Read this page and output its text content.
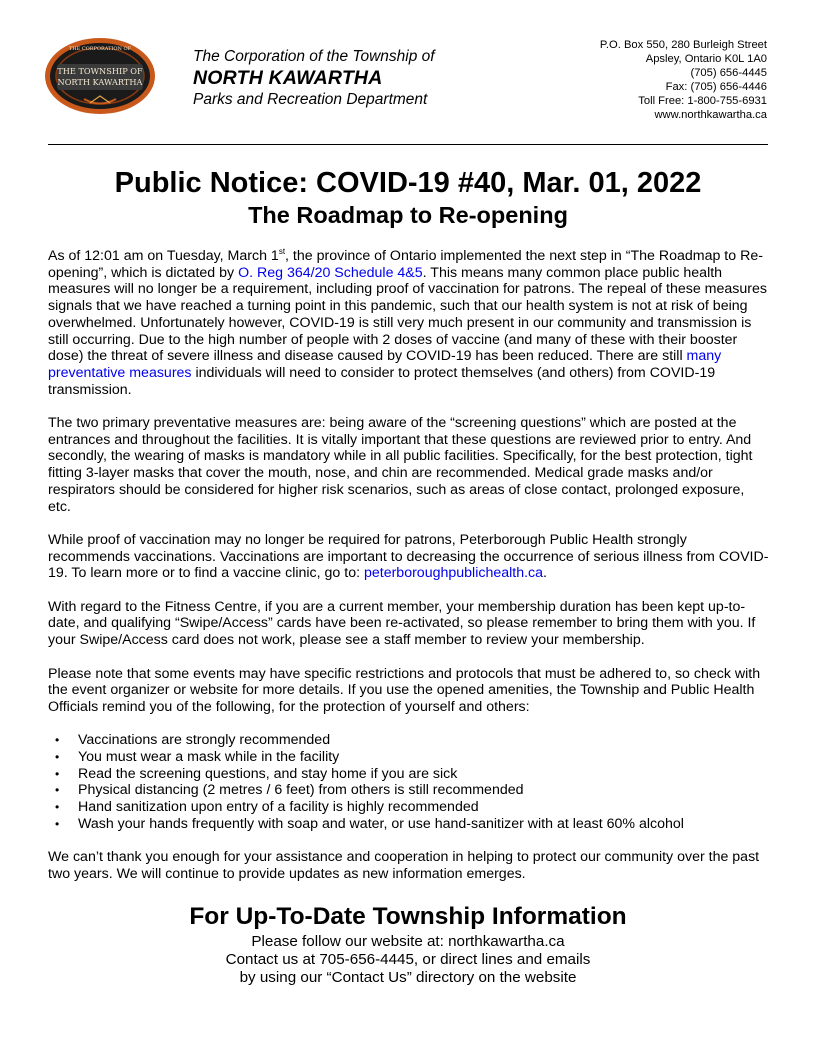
THE CORPORATION OF
THE TOWNSHIP OF
NORTH KAWARTHA
The Corporation of the Township of
NORTH KAWARTHA
Parks and Recreation Department
P.O. Box 550, 280 Burleigh Street
Apsley, Ontario K0L 1A0
(705) 656-4445
Fax: (705) 656-4446
Toll Free: 1-800-755-6931
www.northkawartha.ca
Public Notice: COVID-19 #40, Mar. 01, 2022
The Roadmap to Re-opening

As of 12:01 am on Tuesday, March 1st, the province of Ontario implemented the next step in “The Roadmap to Re-opening”, which is dictated by O. Reg 364/20 Schedule 4&5. This means many common place public health measures will no longer be a requirement, including proof of vaccination for patrons. The repeal of these measures signals that we have reached a turning point in this pandemic, such that our health system is not at risk of being overwhelmed. Unfortunately however, COVID-19 is still very much present in our community and transmission is still occurring. Due to the high number of people with 2 doses of vaccine (and many of these with their booster dose) the threat of severe illness and disease caused by COVID-19 has been reduced. There are still many preventative measures individuals will need to consider to protect themselves (and others) from COVID-19 transmission.

The two primary preventative measures are: being aware of the “screening questions” which are posted at the entrances and throughout the facilities. It is vitally important that these questions are reviewed prior to entry. And secondly, the wearing of masks is mandatory while in all public facilities. Specifically, for the best protection, tight fitting 3-layer masks that cover the mouth, nose, and chin are recommended. Medical grade masks and/or respirators should be considered for higher risk scenarios, such as areas of close contact, prolonged exposure, etc.

While proof of vaccination may no longer be required for patrons, Peterborough Public Health strongly recommends vaccinations. Vaccinations are important to decreasing the occurrence of serious illness from COVID-19. To learn more or to find a vaccine clinic, go to: peterboroughpublichealth.ca.

With regard to the Fitness Centre, if you are a current member, your membership duration has been kept up-to-date, and qualifying “Swipe/Access” cards have been re-activated, so please remember to bring them with you. If your Swipe/Access card does not work, please see a staff member to review your membership.

Please note that some events may have specific restrictions and protocols that must be adhered to, so check with the event organizer or website for more details. If you use the opened amenities, the Township and Public Health Officials remind you of the following, for the protection of yourself and others:

• Vaccinations are strongly recommended
• You must wear a mask while in the facility
• Read the screening questions, and stay home if you are sick
• Physical distancing (2 metres / 6 feet) from others is still recommended
• Hand sanitization upon entry of a facility is highly recommended
• Wash your hands frequently with soap and water, or use hand-sanitizer with at least 60% alcohol

We can’t thank you enough for your assistance and cooperation in helping to protect our community over the past two years. We will continue to provide updates as new information emerges.

For Up-To-Date Township Information
Please follow our website at: northkawartha.ca
Contact us at 705-656-4445, or direct lines and emails
by using our “Contact Us” directory on the website
